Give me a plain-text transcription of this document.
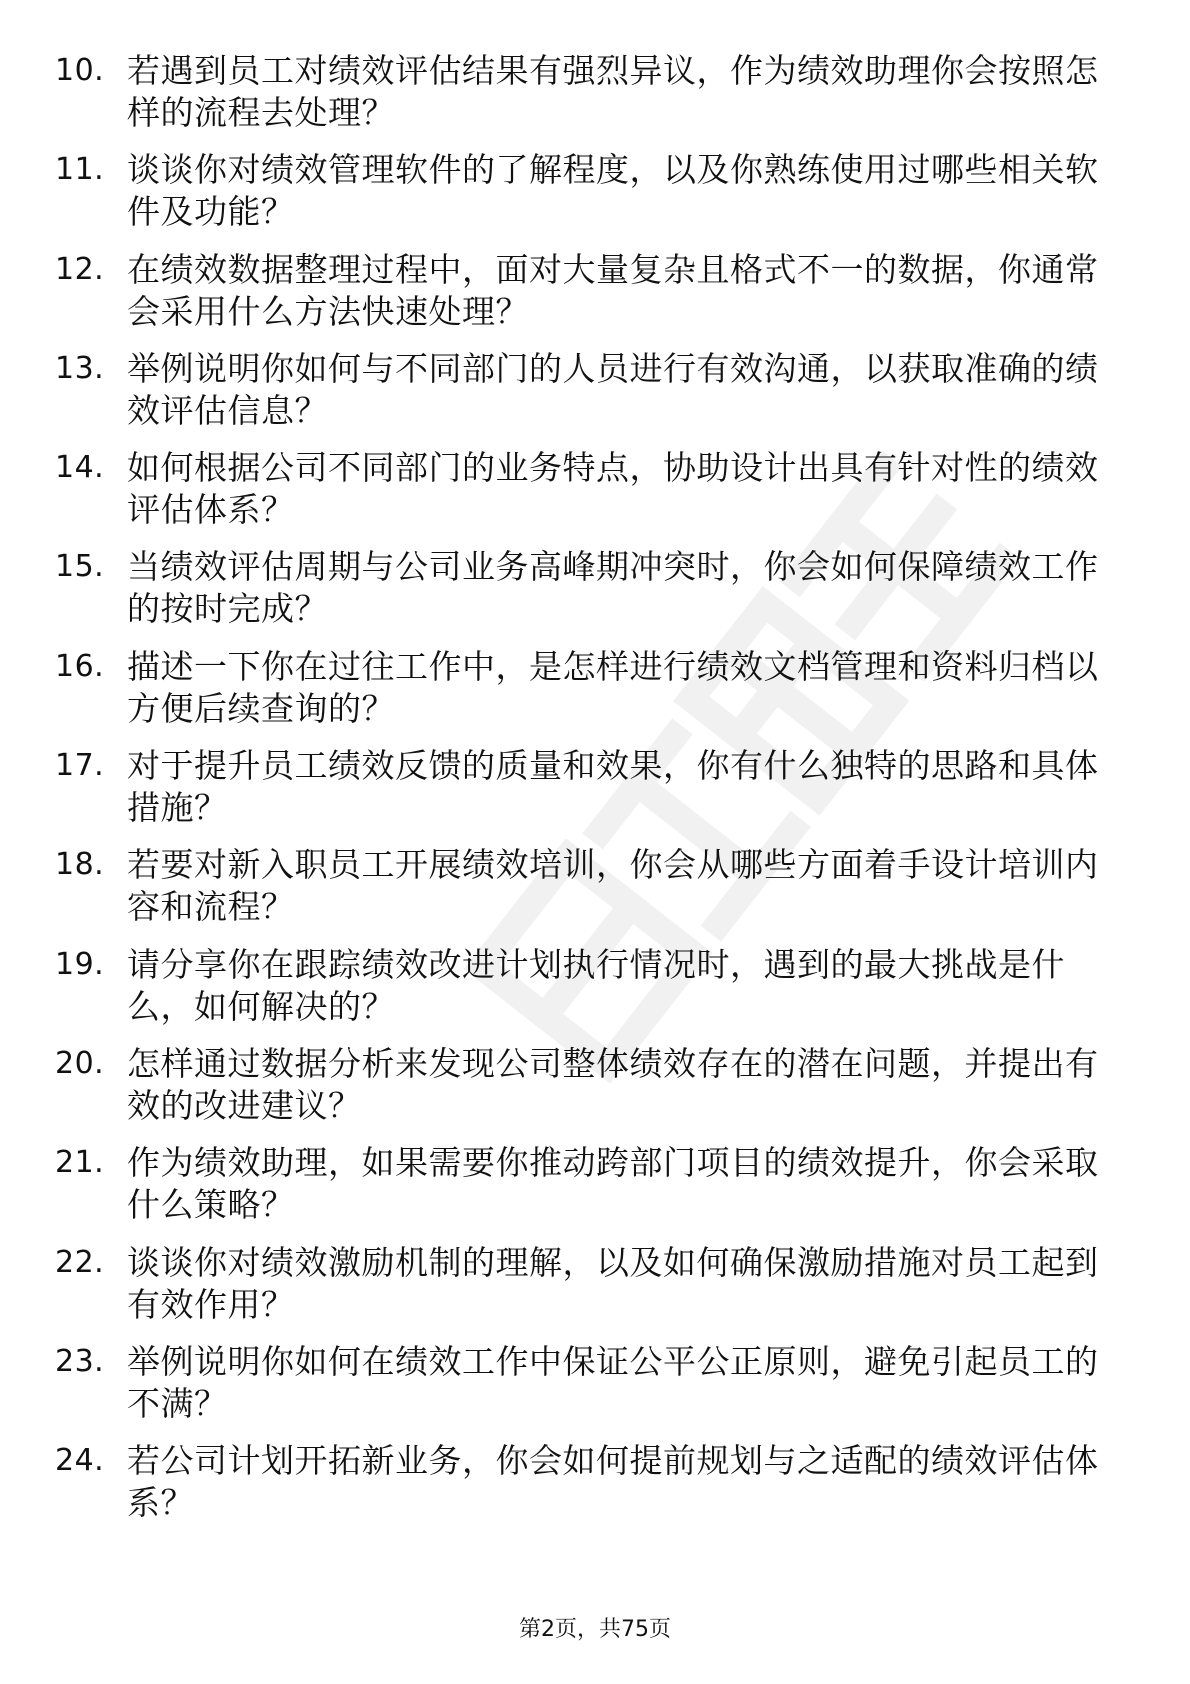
10. 若遇到员工对绩效评估结果有强烈异议，作为绩效助理你会按照怎样的流程去处理？
11. 谈谈你对绩效管理软件的了解程度，以及你熟练使用过哪些相关软件及功能？
12. 在绩效数据整理过程中，面对大量复杂且格式不一的数据，你通常会采用什么方法快速处理？
13. 举例说明你如何与不同部门的人员进行有效沟通，以获取准确的绩效评估信息？
14. 如何根据公司不同部门的业务特点，协助设计出具有针对性的绩效评估体系？
15. 当绩效评估周期与公司业务高峰期冲突时，你会如何保障绩效工作的按时完成？
16. 描述一下你在过往工作中，是怎样进行绩效文档管理和资料归档以方便后续查询的？
17. 对于提升员工绩效反馈的质量和效果，你有什么独特的思路和具体措施？
18. 若要对新入职员工开展绩效培训，你会从哪些方面着手设计培训内容和流程？
19. 请分享你在跟踪绩效改进计划执行情况时，遇到的最大挑战是什么，如何解决的？
20. 怎样通过数据分析来发现公司整体绩效存在的潜在问题，并提出有效的改进建议？
21. 作为绩效助理，如果需要你推动跨部门项目的绩效提升，你会采取什么策略？
22. 谈谈你对绩效激励机制的理解，以及如何确保激励措施对员工起到有效作用？
23. 举例说明你如何在绩效工作中保证公平公正原则，避免引起员工的不满？
24. 若公司计划开拓新业务，你会如何提前规划与之适配的绩效评估体系？
第2页，共75页
